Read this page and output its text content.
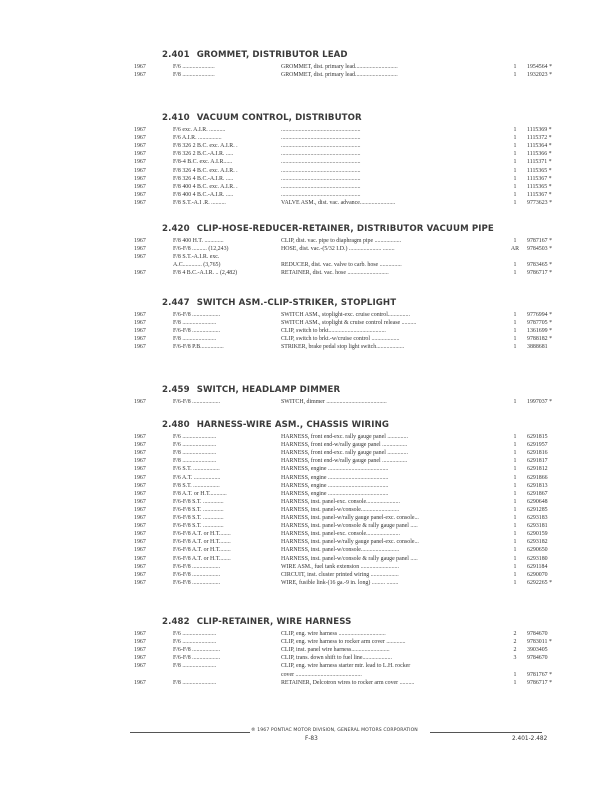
2.401 GROMMET, DISTRIBUTOR LEAD
1967	F/6 ......................	GROMMET, dist. primary lead.............................	1	1954564 *
1967	F/8 ......................	GROMMET, dist. primary lead.............................	1	1932023 *
2.410 VACUUM CONTROL, DISTRIBUTOR
1967	F/6 exc. A.I.R. ...........	......................................................	1	1115369 *
1967	F/6 A.I.R. ................	......................................................	1	1115372 *
1967	F/8 326 2 B.C. exc. A.I.R. .	......................................................	1	1115364 *
1967	F/8 326 2 B.C.-A.I.R. .....	......................................................	1	1115366 *
1967	F/8-4 B.C. exc. A.I.R......	......................................................	1	1115371 *
1967	F/8 326 4 B.C. exc. A.I.R. .	......................................................	1	1115365 *
1967	F/8 326 4 B.C.-A.I.R. .....	......................................................	1	1115367 *
1967	F/8 400 4 B.C. exc. A.I.R. .	......................................................	1	1115365 *
1967	F/8 400 4 B.C.-A.I.R. .....	......................................................	1	1115367 *
1967	F/8 S.T.-A.I .R. ..........	VALVE ASM., dist. vac. advance........................	1	9773623 *
2.420 CLIP-HOSE-REDUCER-RETAINER, DISTRIBUTOR VACUUM PIPE
1967	F/8 400 H.T. .............	CLIP, dist. vac. pipe to diaphragm pipe ..................	1	9787167 *
1967	F/6-F/8 .......... (12,243)	HOSE, dist. vac.-(5/32 I.D.) ...................... ........	AR	9784503 *
1967	F/8 S.T.-A.I.R. exc.
A.C............. (3,765)	REDUCER, dist. vac. valve to carb. hose ...............	1	9783465 *
1967	F/8 4 B.C.-A.I.R. .. (2,482)	RETAINER, dist. vac. hose ............................	1	9786717 *
2.447 SWITCH ASM.-CLIP-STRIKER, STOPLIGHT
1967	F/6-F/8 ...................	SWITCH ASM., stoplight-exc. cruise control...............	1	9776994 *
1967	F/8 .......................	SWITCH ASM., stoplight & cruise control release ..........	1	9787705 *
1967	F/6-F/8 ...................	CLIP, switch to brkt.......................................	1	1361699 *
1967	F/8 .......................	CLIP, switch to brkt.-w/cruise control ...................	1	9788182 *
1967	F/6-F/8 P.B................	STRIKER, brake pedal stop light switch...................	1	3888681
2.459 SWITCH, HEADLAMP DIMMER
1967	F/6-F/8 ...................	SWITCH, dimmer .........................................	1	1997037 *
2.480 HARNESS-WIRE ASM., CHASSIS WIRING
1967	F/6 .......................	HARNESS, front end-exc. rally gauge panel ..............	1	6291815
1967	F/6 .......................	HARNESS, front end-w/rally gauge panel .................	1	6291957
1967	F/8 .......................	HARNESS, front end-exc. rally gauge panel ..............	1	6291816
1967	F/8 .......................	HARNESS, front end-w/rally gauge panel .................	1	6291817
1967	F/6 S.T. ..................	HARNESS, engine .........................................	1	6291812
1967	F/6 A.T. ..................	HARNESS, engine .........................................	1	6291866
1967	F/8 S.T. ..................	HARNESS, engine .........................................	1	6291813
1967	F/8 A.T. or H.T............	HARNESS, engine .........................................	1	6291867
1967	F/6-F/8 S.T. ..............	HARNESS, inst. panel-exc. console.......................	1	6290648
1967	F/6-F/8 S.T. ..............	HARNESS, inst. panel-w/console..........................	1	6291285
1967	F/6-F/8 S.T. ..............	HARNESS, inst. panel-w/rally gauge panel-exc. console...	1	6293183
1967	F/6-F/8 S.T. ..............	HARNESS, inst. panel-w/console & rally gauge panel .....	1	6293181
1967	F/6-F/8 A.T. or H.T........	HARNESS, inst. panel-exc. console.......................	1	6290159
1967	F/6-F/8 A.T. or H.T........	HARNESS, inst. panel-w/rally gauge panel-exc. console...	1	6293182
1967	F/6-F/8 A.T. or H.T........	HARNESS, inst. panel-w/console..........................	1	6290650
1967	F/6-F/8 A.T. or H.T........	HARNESS, inst. panel-w/console & rally gauge panel .....	1	6293180
1967	F/6-F/8 ...................	WIRE ASM., fuel tank extension ..........................	1	6291184
1967	F/6-F/8 ...................	CIRCUIT, inst. cluster printed wiring ...................	1	6290070
1967	F/6-F/8 ...................	WIRE, fusible link-(16 ga.-9 in. long) ......... ........	1	6292265 *
2.482 CLIP-RETAINER, WIRE HARNESS
1967	F/6 .......................	CLIP, eng. wire harness ................................	2	9784670
1967	F/6 .......................	CLIP, eng. wire harness to rocker arm cover .............	2	9783011 *
1967	F/6-F/8 ...................	CLIP, inst. panel wire harness..........................	2	3903405
1967	F/6-F/8 ...................	CLIP, trans. down shift to fuel line....................	3	9784670
1967	F/8 .......................	CLIP, eng. wire harness starter mtr. lead to L.H. rocker
cover .............................................	1	9781767 *
1967	F/8 .......................	RETAINER, Delcotron wires to rocker arm cover ..........	1	9786717 *
® 1967 PONTIAC MOTOR DIVISION, GENERAL MOTORS CORPORATION
F-83	2.401-2.482
